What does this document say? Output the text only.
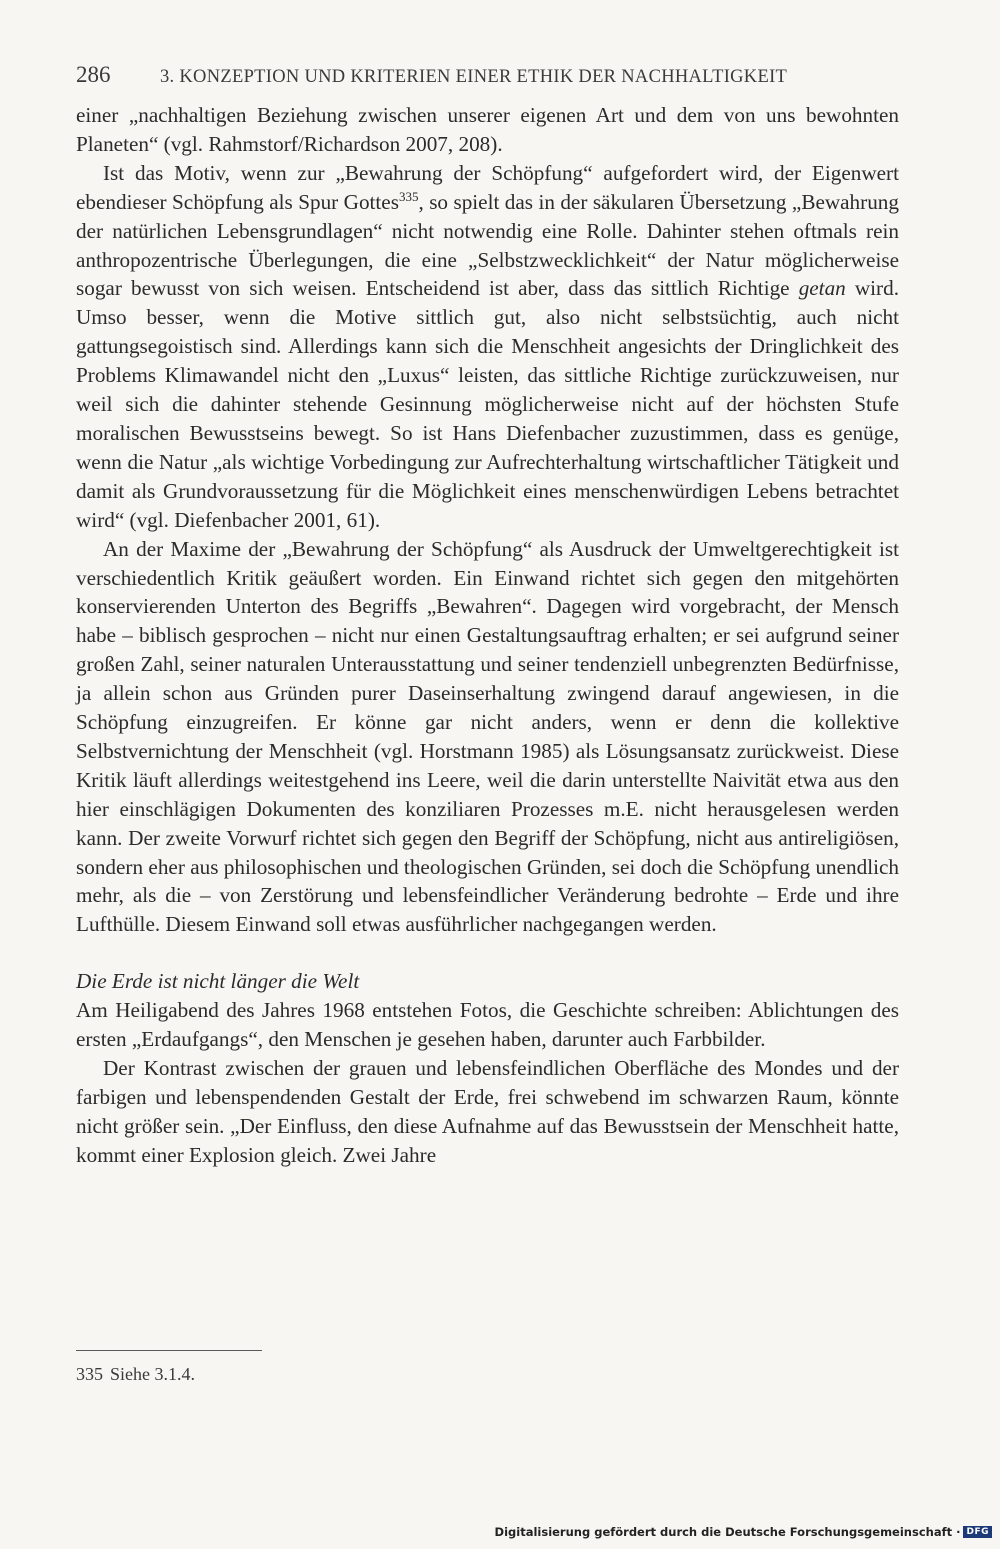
286	3. KONZEPTION UND KRITERIEN EINER ETHIK DER NACHHALTIGKEIT

einer „nachhaltigen Beziehung zwischen unserer eigenen Art und dem von uns bewohnten Planeten“ (vgl. Rahmstorf/Richardson 2007, 208).

Ist das Motiv, wenn zur „Bewahrung der Schöpfung“ aufgefordert wird, der Eigenwert ebendieser Schöpfung als Spur Gottes$^{335}$, so spielt das in der säkularen Übersetzung „Bewahrung der natürlichen Lebensgrundlagen“ nicht notwendig eine Rolle. Dahinter stehen oftmals rein anthropozentrische Überlegungen, die eine „Selbstzwecklichkeit“ der Natur möglicherweise sogar bewusst von sich weisen. Entscheidend ist aber, dass das sittlich Richtige getan wird. Umso besser, wenn die Motive sittlich gut, also nicht selbstsüchtig, auch nicht gattungsegoistisch sind. Allerdings kann sich die Menschheit angesichts der Dringlichkeit des Problems Klimawandel nicht den „Luxus“ leisten, das sittliche Richtige zurückzuweisen, nur weil sich die dahinter stehende Gesinnung möglicherweise nicht auf der höchsten Stufe moralischen Bewusstseins bewegt. So ist Hans Diefenbacher zuzustimmen, dass es genüge, wenn die Natur „als wichtige Vorbedingung zur Aufrechterhaltung wirtschaftlicher Tätigkeit und damit als Grundvoraussetzung für die Möglichkeit eines menschenwürdigen Lebens betrachtet wird“ (vgl. Diefenbacher 2001, 61).

An der Maxime der „Bewahrung der Schöpfung“ als Ausdruck der Umweltgerechtigkeit ist verschiedentlich Kritik geäußert worden. Ein Einwand richtet sich gegen den mitgehörten konservierenden Unterton des Begriffs „Bewahren“. Dagegen wird vorgebracht, der Mensch habe – biblisch gesprochen – nicht nur einen Gestaltungsauftrag erhalten; er sei aufgrund seiner großen Zahl, seiner naturalen Unterausstattung und seiner tendenziell unbegrenzten Bedürfnisse, ja allein schon aus Gründen purer Daseinserhaltung zwingend darauf angewiesen, in die Schöpfung einzugreifen. Er könne gar nicht anders, wenn er denn die kollektive Selbstvernichtung der Menschheit (vgl. Horstmann 1985) als Lösungsansatz zurückweist. Diese Kritik läuft allerdings weitestgehend ins Leere, weil die darin unterstellte Naivität etwa aus den hier einschlägigen Dokumenten des konziliaren Prozesses m.E. nicht herausgelesen werden kann. Der zweite Vorwurf richtet sich gegen den Begriff der Schöpfung, nicht aus antireligiösen, sondern eher aus philosophischen und theologischen Gründen, sei doch die Schöpfung unendlich mehr, als die – von Zerstörung und lebensfeindlicher Veränderung bedrohte – Erde und ihre Lufthülle. Diesem Einwand soll etwas ausführlicher nachgegangen werden.

Die Erde ist nicht länger die Welt

Am Heiligabend des Jahres 1968 entstehen Fotos, die Geschichte schreiben: Ablichtungen des ersten „Erdaufgangs“, den Menschen je gesehen haben, darunter auch Farbbilder.

Der Kontrast zwischen der grauen und lebensfeindlichen Oberfläche des Mondes und der farbigen und lebenspendenden Gestalt der Erde, frei schwebend im schwarzen Raum, könnte nicht größer sein. „Der Einfluss, den diese Aufnahme auf das Bewusstsein der Menschheit hatte, kommt einer Explosion gleich. Zwei Jahre

335 Siehe 3.1.4.
Digitalisierung gefördert durch die Deutsche Forschungsgemeinschaft · DFG
